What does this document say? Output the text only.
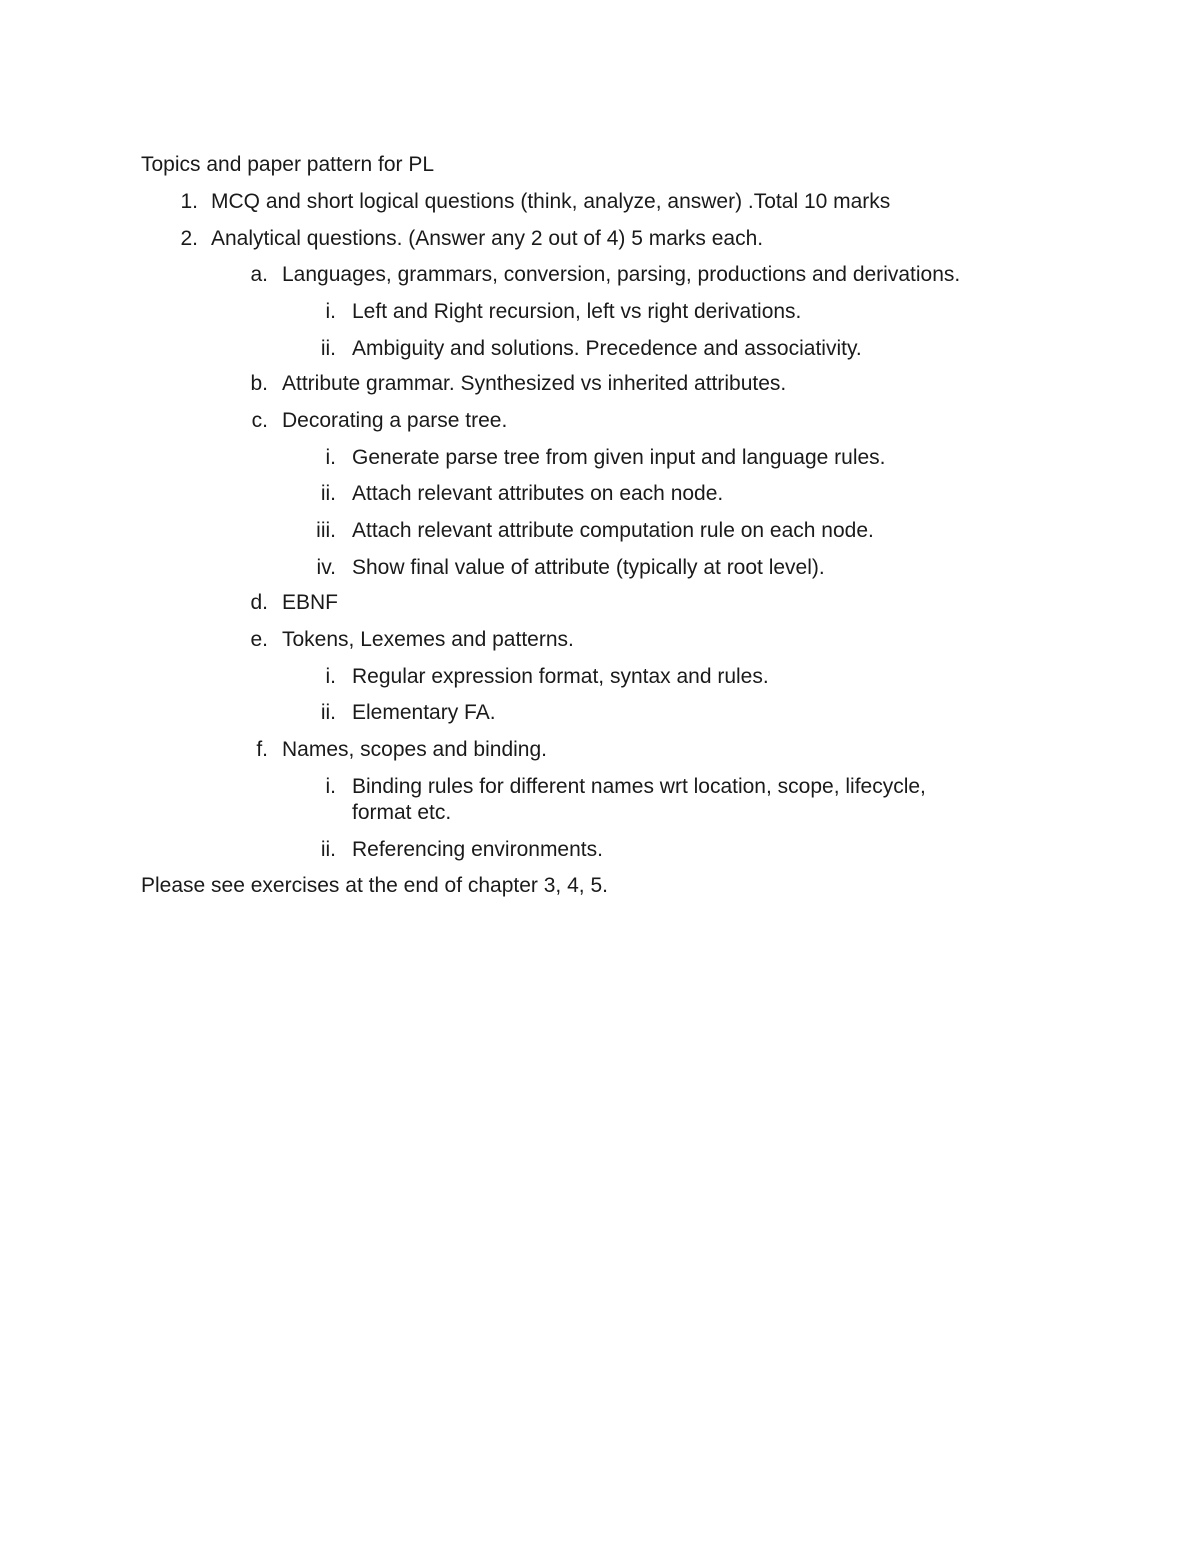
Topics and paper pattern for PL
1. MCQ and short logical questions (think, analyze, answer) .Total 10 marks
2. Analytical questions. (Answer any 2 out of 4) 5 marks each.
a. Languages, grammars, conversion, parsing, productions and derivations.
i. Left and Right recursion, left vs right derivations.
ii. Ambiguity and solutions. Precedence and associativity.
b. Attribute grammar. Synthesized vs inherited attributes.
c. Decorating a parse tree.
i. Generate parse tree from given input and language rules.
ii. Attach relevant attributes on each node.
iii. Attach relevant attribute computation rule on each node.
iv. Show final value of attribute (typically at root level).
d. EBNF
e. Tokens, Lexemes and patterns.
i. Regular expression format, syntax and rules.
ii. Elementary FA.
f. Names, scopes and binding.
i. Binding rules for different names wrt location, scope, lifecycle,
format etc.
ii. Referencing environments.
Please see exercises at the end of chapter 3, 4, 5.
